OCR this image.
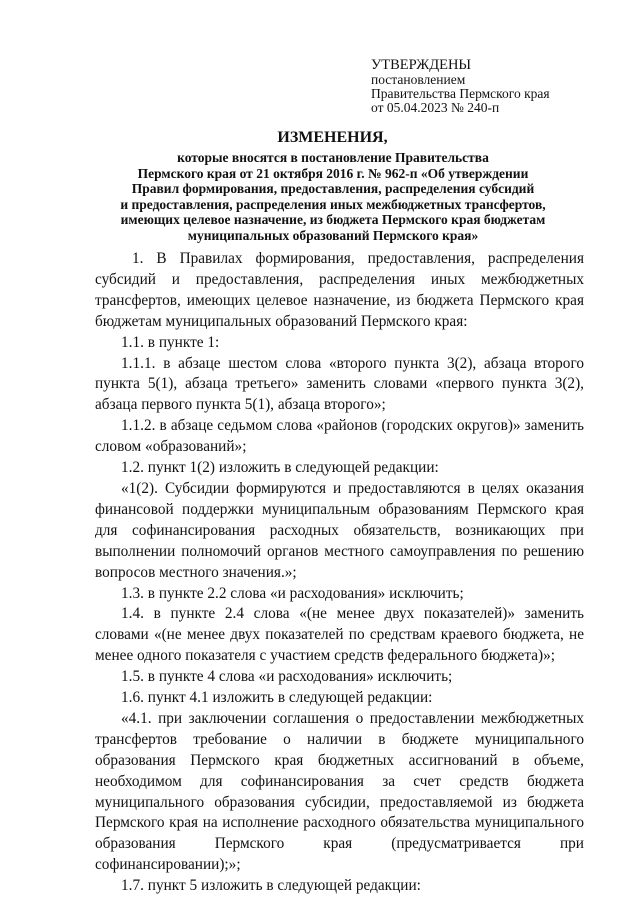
УТВЕРЖДЕНЫ
постановлением
Правительства Пермского края
от 05.04.2023 № 240-п
ИЗМЕНЕНИЯ,
которые вносятся в постановление Правительства
Пермского края от 21 октября 2016 г. № 962-п «Об утверждении
Правил формирования, предоставления, распределения субсидий
и предоставления, распределения иных межбюджетных трансфертов,
имеющих целевое назначение, из бюджета Пермского края бюджетам
муниципальных образований Пермского края»

1. В Правилах формирования, предоставления, распределения субсидий и предоставления, распределения иных межбюджетных трансфертов, имеющих целевое назначение, из бюджета Пермского края бюджетам муниципальных образований Пермского края:

1.1. в пункте 1:

1.1.1. в абзаце шестом слова «второго пункта 3(2), абзаца второго пункта 5(1), абзаца третьего» заменить словами «первого пункта 3(2), абзаца первого пункта 5(1), абзаца второго»;

1.1.2. в абзаце седьмом слова «районов (городских округов)» заменить словом «образований»;

1.2. пункт 1(2) изложить в следующей редакции:

«1(2). Субсидии формируются и предоставляются в целях оказания финансовой поддержки муниципальным образованиям Пермского края для софинансирования расходных обязательств, возникающих при выполнении полномочий органов местного самоуправления по решению вопросов местного значения.»;

1.3. в пункте 2.2 слова «и расходования» исключить;

1.4. в пункте 2.4 слова «(не менее двух показателей)» заменить словами «(не менее двух показателей по средствам краевого бюджета, не менее одного показателя с участием средств федерального бюджета)»;

1.5. в пункте 4 слова «и расходования» исключить;

1.6. пункт 4.1 изложить в следующей редакции:

«4.1. при заключении соглашения о предоставлении межбюджетных трансфертов требование о наличии в бюджете муниципального образования Пермского края бюджетных ассигнований в объеме, необходимом для софинансирования за счет средств бюджета муниципального образования субсидии, предоставляемой из бюджета Пермского края на исполнение расходного обязательства муниципального образования Пермского края (предусматривается при софинансировании);»;

1.7. пункт 5 изложить в следующей редакции:
